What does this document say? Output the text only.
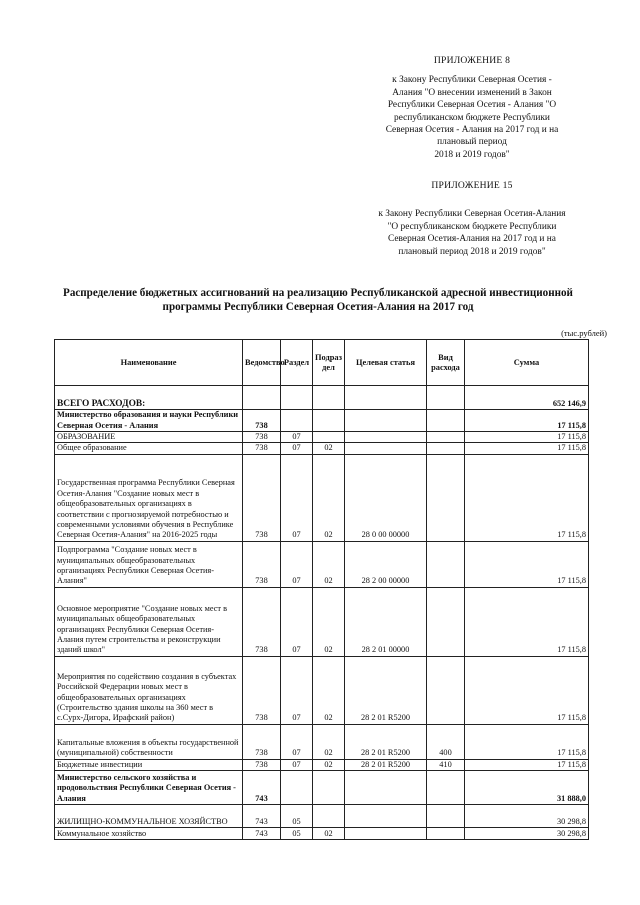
ПРИЛОЖЕНИЕ 8
к Закону Республики Северная Осетия -
Алания "О внесении изменений в Закон
Республики Северная Осетия - Алания "О
республиканском бюджете Республики
Северная Осетия - Алания на 2017 год и на
плановый период
2018 и 2019 годов"
ПРИЛОЖЕНИЕ 15
к Закону Республики Северная Осетия-Алания
"О республиканском бюджете Республики
Северная Осетия-Алания на 2017 год и на
плановый период 2018 и 2019 годов"
Распределение бюджетных ассигнований на реализацию Республиканской адресной инвестиционной
программы Республики Северная Осетия-Алания на 2017 год
(тыс.рублей)
Наименование	Ведомство	Раздел	Подраз дел	Целевая статья	Вид расхода	Сумма
ВСЕГО РАСХОДОВ:						652 146,9
Министерство образования и науки Республики Северная Осетия - Алания	738					17 115,8
ОБРАЗОВАНИЕ	738	07				17 115,8
Общее образование	738	07	02			17 115,8
Государственная программа Республики Северная Осетия-Алания "Создание новых мест в общеобразовательных организациях в соответствии с прогнозируемой потребностью и современными условиями обучения в Республике Северная Осетия-Алания" на 2016-2025 годы	738	07	02	28 0 00 00000		17 115,8
Подпрограмма "Создание новых мест в муниципальных общеобразовательных организациях Республики Северная Осетия-Алания"	738	07	02	28 2 00 00000		17 115,8
Основное мероприятие "Создание новых мест в муниципальных общеобразовательных организациях Республики Северная Осетия-Алания путем строительства и реконструкции зданий школ"	738	07	02	28 2 01 00000		17 115,8
Мероприятия по содействию создания в субъектах Российской Федерации новых мест в общеобразовательных организациях (Строительство здания школы на 360 мест в с.Сурх-Дигора, Ирафский район)	738	07	02	28 2 01 R5200		17 115,8
Капитальные вложения в объекты государственной (муниципальной) собственности	738	07	02	28 2 01 R5200	400	17 115,8
Бюджетные инвестиции	738	07	02	28 2 01 R5200	410	17 115,8
Министерство сельского хозяйства и продовольствия Республики Северная Осетия - Алания	743					31 888,0
ЖИЛИЩНО-КОММУНАЛЬНОЕ ХОЗЯЙСТВО	743	05				30 298,8
Коммунальное хозяйство	743	05	02			30 298,8
